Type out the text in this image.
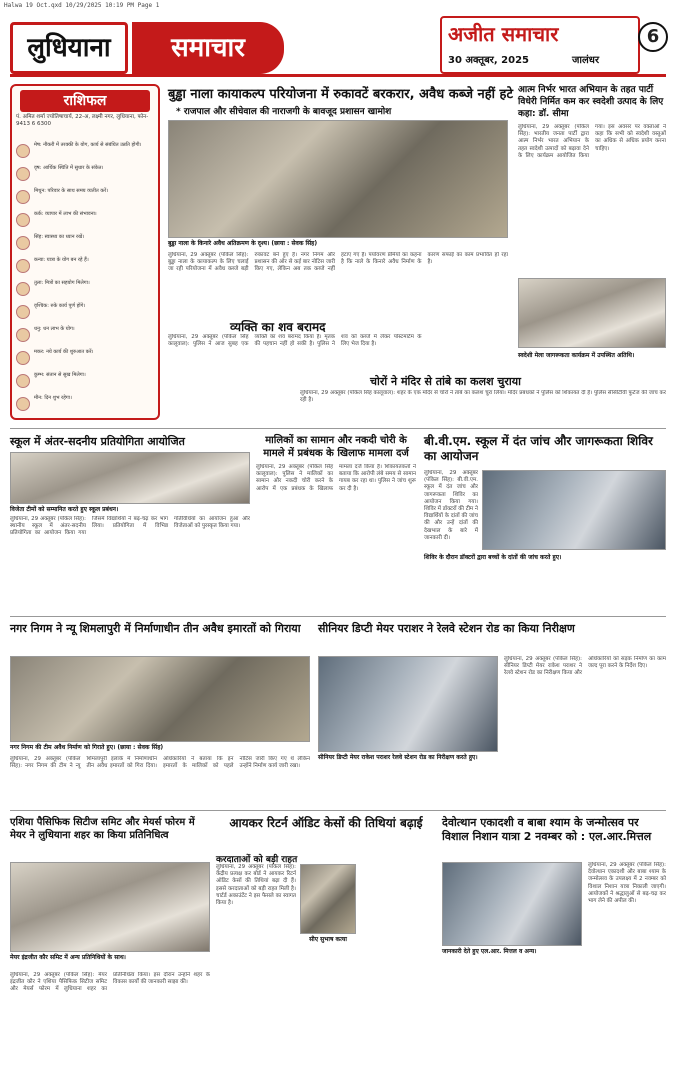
Halwa 19 Oct.qxd 10/29/2025 10:19 PM Page 1
लुधियाना	समाचार	अजीत समाचार
30 अक्तूबर, 2025	जालंधर
6
राशिफल
पं. अमित शर्मा ज्योतिषाचार्य, 22-अ, लक्ष्मी नगर, लुधियाना, फोन- 9413 6 6300
मेष: नौकरी में तरक्की के योग, कार्य से संबंधित उन्नति होगी।
वृष: आर्थिक स्थिति में सुधार के संकेत।
मिथुन: परिवार के साथ समय व्यतीत करें।
कर्क: व्यापार में लाभ की संभावना।
सिंह: स्वास्थ्य का ध्यान रखें।
कन्या: यात्रा के योग बन रहे हैं।
तुला: मित्रों का सहयोग मिलेगा।
वृश्चिक: रुके कार्य पूर्ण होंगे।
धनु: धन लाभ के योग।
मकर: नये कार्य की शुरुआत करें।
कुम्भ: संतान से सुख मिलेगा।
मीन: दिन शुभ रहेगा।
बुड्ढा नाला कायाकल्प परियोजना में रुकावटें बरकरार, अवैध कब्जे नहीं हटे
* राजपाल और सीचेवाल की नाराजगी के बावजूद प्रशासन खामोश
बुड्ढा नाला के किनारे अवैध अतिक्रमण के दृश्य। (छाया : सेवक सिंह)
लुधियाना, 29 अक्तूबर (पंकिल सिंह): बुड्ढा नाला के कायाकल्प के लिए चलाई जा रही परियोजना में अवैध कब्जे बड़ी रुकावट बने हुए हैं। नगर निगम और प्रशासन की ओर से कई बार नोटिस जारी किए गए, लेकिन अब तक कब्जे नहीं हटाए गए हैं। पर्यावरण प्रेमियों का कहना है कि नाले के किनारे अवैध निर्माण के कारण सफाई का काम प्रभावित हो रहा है।
व्यक्ति का शव बरामद
लुधियाना, 29 अक्तूबर (पंकिल सिंह कालूवाल): पुलिस ने आज सुबह एक व्यक्ति का शव बरामद किया है। मृतक की पहचान नहीं हो सकी है। पुलिस ने शव को कब्जे में लेकर पोस्टमार्टम के लिए भेज दिया है।
चोरों ने मंदिर से तांबे का कलश चुराया
लुधियाना, 29 अक्तूबर (पंकिल सिंह कालूवाल): शहर के एक मंदिर से चोरों ने तांबे का कलश चुरा लिया। मंदिर प्रबंधकों ने पुलिस को शिकायत दी है। पुलिस सीसीटीवी फुटेज की जांच कर रही है।
आत्म निर्भर भारत अभियान के तहत पार्टी विधेरी निर्मित कम कर स्वदेशी उत्पाद के लिए कहा: डॉ. सीमा
लुधियाना, 29 अक्तूबर (पंकिल सिंह): भारतीय जनता पार्टी द्वारा आत्म निर्भर भारत अभियान के तहत स्वदेशी उत्पादों को बढ़ावा देने के लिए कार्यक्रम आयोजित किया गया। इस अवसर पर वक्ताओं ने कहा कि सभी को स्वदेशी वस्तुओं का अधिक से अधिक प्रयोग करना चाहिए।
स्वदेशी मेला जागरूकता कार्यक्रम में उपस्थित अतिथि।
स्कूल में अंतर-सदनीय प्रतियोगिता आयोजित
विजेता टीमों को सम्मानित करते हुए स्कूल प्रबंधन।
लुधियाना, 29 अक्तूबर (पंकिल सिंह): स्थानीय स्कूल में अंतर-सदनीय प्रतियोगिता का आयोजन किया गया जिसमें विद्यार्थियों ने बढ़-चढ़ कर भाग लिया। प्रतियोगिता में विभिन्न गतिविधियों का आयोजन हुआ और विजेताओं को पुरस्कृत किया गया।
मालिकों का सामान और नकदी चोरी के मामले में प्रबंधक के खिलाफ मामला दर्ज
लुधियाना, 29 अक्तूबर (पंकिल सिंह कालूवाल): पुलिस ने मालिकों का सामान और नकदी चोरी करने के आरोप में एक प्रबंधक के खिलाफ मामला दर्ज किया है। शिकायतकर्ता ने बताया कि आरोपी लंबे समय से सामान गायब कर रहा था। पुलिस ने जांच शुरू कर दी है।
बी.वी.एम. स्कूल में दंत जांच और जागरूकता शिविर का आयोजन
लुधियाना, 29 अक्तूबर (पंकिल सिंह): बी.वी.एम. स्कूल में दंत जांच और जागरूकता शिविर का आयोजन किया गया। शिविर में डॉक्टरों की टीम ने विद्यार्थियों के दांतों की जांच की और उन्हें दांतों की देखभाल के बारे में जानकारी दी।
शिविर के दौरान डॉक्टरों द्वारा बच्चों के दांतों की जांच करते हुए।
नगर निगम ने न्यू शिमलापुरी में निर्माणाधीन तीन अवैध इमारतों को गिराया
नगर निगम की टीम अवैध निर्माण को गिराते हुए। (छाया : सेवक सिंह)
लुधियाना, 29 अक्तूबर (पंकिल सिंह): नगर निगम की टीम ने न्यू शिमलापुरी इलाके में निर्माणाधीन तीन अवैध इमारतों को गिरा दिया। अधिकारियों ने बताया कि इन इमारतों के मालिकों को पहले नोटिस जारी किए गए थे लेकिन उन्होंने निर्माण कार्य जारी रखा।
सीनियर डिप्टी मेयर पराशर ने रेलवे स्टेशन रोड का किया निरीक्षण
सीनियर डिप्टी मेयर राकेश पराशर रेलवे स्टेशन रोड का निरीक्षण करते हुए।
लुधियाना, 29 अक्तूबर (पंकिल सिंह): सीनियर डिप्टी मेयर राकेश पराशर ने रेलवे स्टेशन रोड का निरीक्षण किया और अधिकारियों को सड़क निर्माण का काम जल्द पूरा करने के निर्देश दिए।
एशिया पैसिफिक सिटीज समिट और मेयर्स फोरम में मेयर ने लुधियाना शहर का किया प्रतिनिधित्व
मेयर इंद्रजीत कौर समिट में अन्य प्रतिनिधियों के साथ।
लुधियाना, 29 अक्तूबर (पंकिल सिंह): मेयर इंद्रजीत कौर ने एशिया पैसिफिक सिटीज समिट और मेयर्स फोरम में लुधियाना शहर का प्रतिनिधित्व किया। इस दौरान उन्होंने शहर के विकास कार्यों की जानकारी साझा की।
आयकर रिटर्न ऑडिट केसों की तिथियां बढ़ाई
करदाताओं को बड़ी राहत
सीए सुभाष कत्या
लुधियाना, 29 अक्तूबर (पंकिल सिंह): केंद्रीय प्रत्यक्ष कर बोर्ड ने आयकर रिटर्न ऑडिट केसों की तिथियां बढ़ा दी हैं। इससे करदाताओं को बड़ी राहत मिली है। चार्टर्ड अकाउंटेंट ने इस फैसले का स्वागत किया है।
देवोत्थान एकादशी व बाबा श्याम के जन्मोत्सव पर विशाल निशान यात्रा 2 नवम्बर को : एल.आर.मित्तल
जानकारी देते हुए एल.आर. मित्तल व अन्य।
लुधियाना, 29 अक्तूबर (पंकिल सिंह): देवोत्थान एकादशी और बाबा श्याम के जन्मोत्सव के उपलक्ष्य में 2 नवम्बर को विशाल निशान यात्रा निकाली जाएगी। आयोजकों ने श्रद्धालुओं से बढ़-चढ़ कर भाग लेने की अपील की।
